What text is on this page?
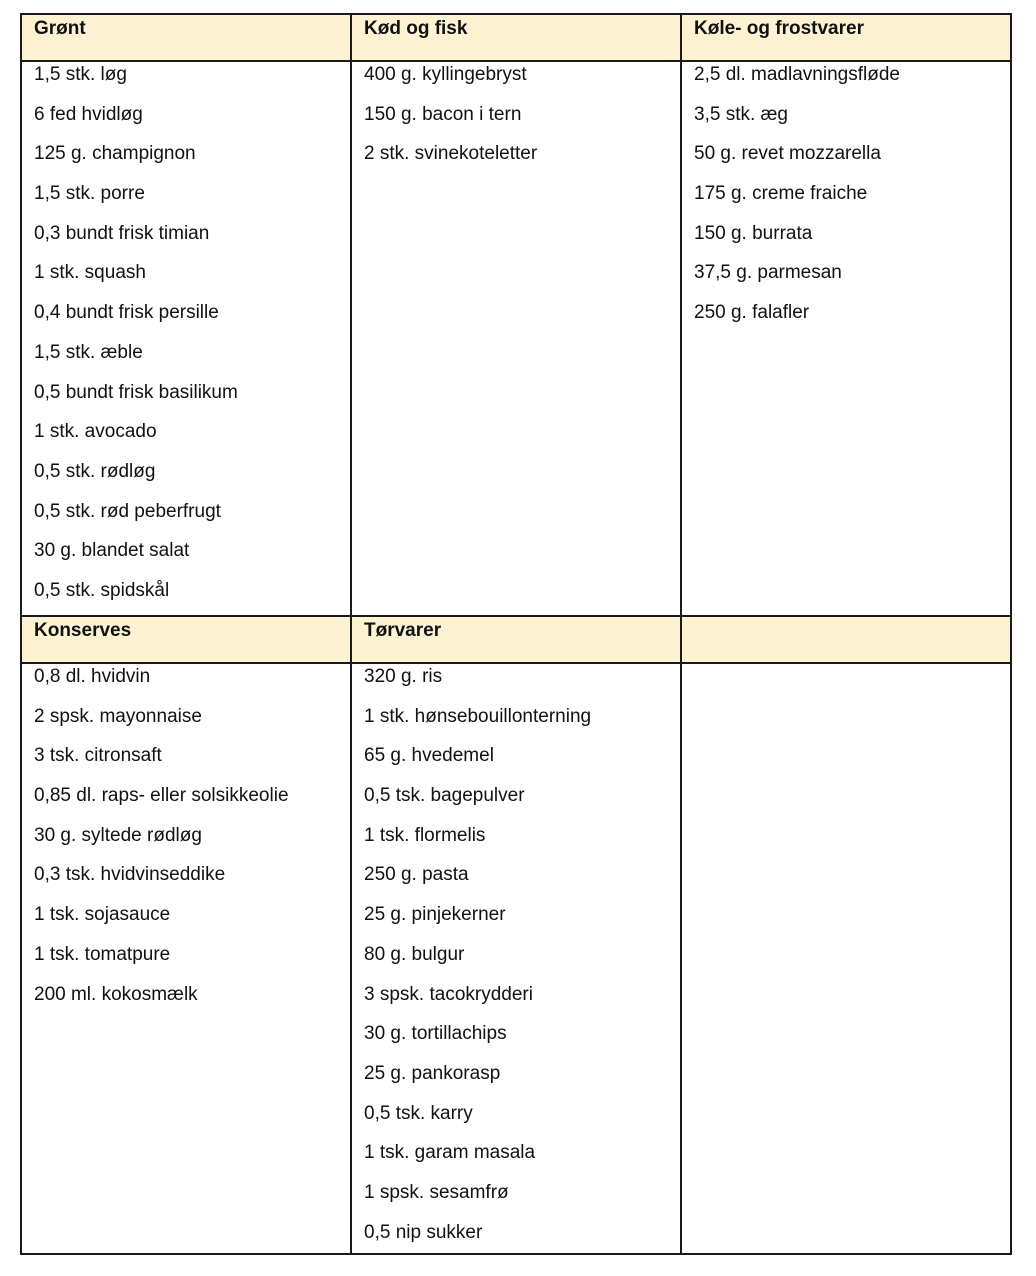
Grønt
1,5 stk. løg
6 fed hvidløg
125 g. champignon
1,5 stk. porre
0,3 bundt frisk timian
1 stk. squash
0,4 bundt frisk persille
1,5 stk. æble
0,5 bundt frisk basilikum
1 stk. avocado
0,5 stk. rødløg
0,5 stk. rød peberfrugt
30 g. blandet salat
0,5 stk. spidskål
Kød og fisk
400 g. kyllingebryst
150 g. bacon i tern
2 stk. svinekoteletter
Køle- og frostvarer
2,5 dl. madlavningsfløde
3,5 stk. æg
50 g. revet mozzarella
175 g. creme fraiche
150 g. burrata
37,5 g. parmesan
250 g. falafler
Konserves
0,8 dl. hvidvin
2 spsk. mayonnaise
3 tsk. citronsaft
0,85 dl. raps- eller solsikkeolie
30 g. syltede rødløg
0,3 tsk. hvidvinseddike
1 tsk. sojasauce
1 tsk. tomatpure
200 ml. kokosmælk
Tørvarer
320 g. ris
1 stk. hønsebouillonterning
65 g. hvedemel
0,5 tsk. bagepulver
1 tsk. flormelis
250 g. pasta
25 g. pinjekerner
80 g. bulgur
3 spsk. tacokrydderi
30 g. tortillachips
25 g. pankorasp
0,5 tsk. karry
1 tsk. garam masala
1 spsk. sesamfrø
0,5 nip sukker
